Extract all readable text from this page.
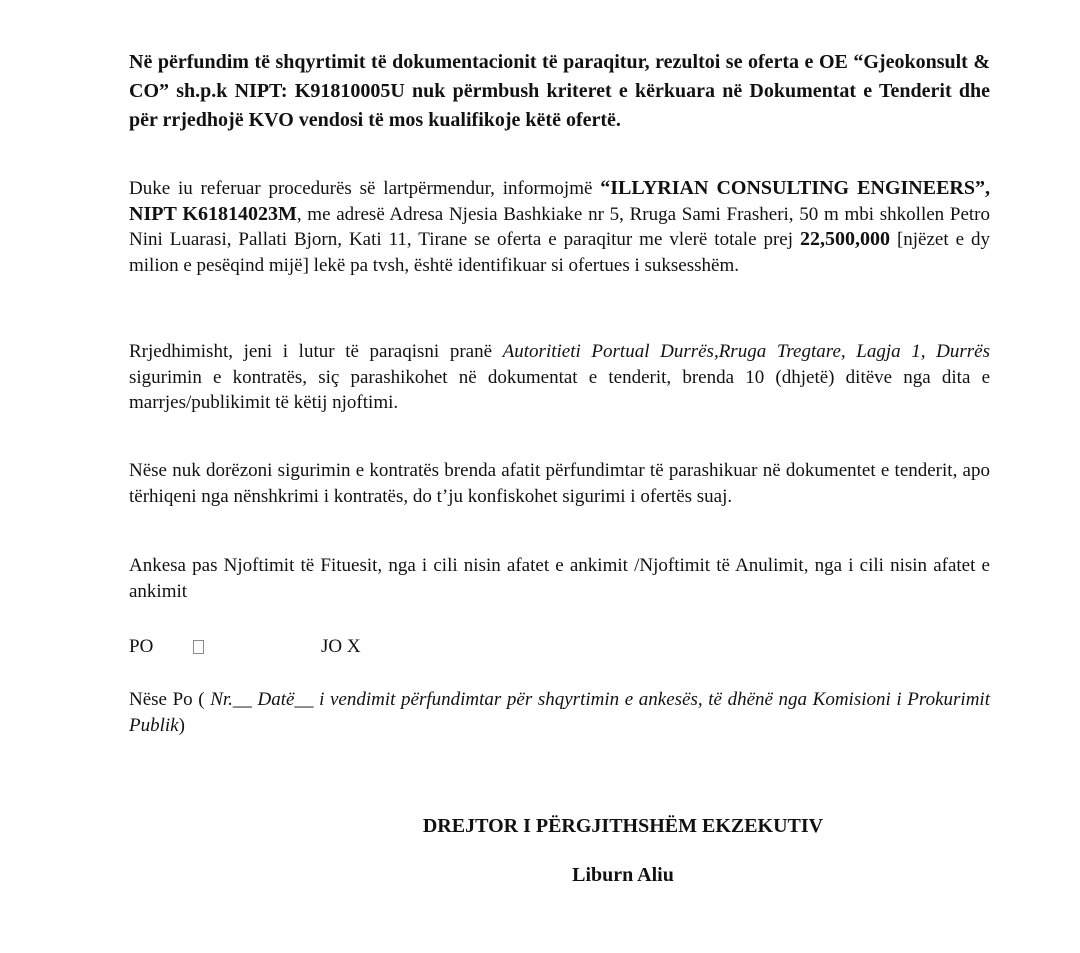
Në përfundim të shqyrtimit të dokumentacionit të paraqitur, rezultoi se oferta e OE “Gjeokonsult & CO” sh.p.k NIPT: K91810005U nuk përmbush kriteret e kërkuara në Dokumentat e Tenderit dhe për rrjedhojë KVO vendosi të mos kualifikoje këtë ofertë.

Duke iu referuar procedurës së lartpërmendur, informojmë “ILLYRIAN CONSULTING ENGINEERS”, NIPT K61814023M, me adresë Adresa Njesia Bashkiake nr 5, Rruga Sami Frasheri, 50 m mbi shkollen Petro Nini Luarasi, Pallati Bjorn, Kati 11, Tirane se oferta e paraqitur me vlerë totale prej 22,500,000 [njëzet e dy milion e pesëqind mijë] lekë pa tvsh, është identifikuar si ofertues i suksesshëm.

Rrjedhimisht, jeni i lutur të paraqisni pranë Autoritieti Portual Durrës,Rruga Tregtare, Lagja 1, Durrës sigurimin e kontratës, siç parashikohet në dokumentat e tenderit, brenda 10 (dhjetë) ditëve nga dita e marrjes/publikimit të këtij njoftimi.

Nëse nuk dorëzoni sigurimin e kontratës brenda afatit përfundimtar të parashikuar në dokumentet e tenderit, apo tërhiqeni nga nënshkrimi i kontratës, do t’ju konfiskohet sigurimi i ofertës suaj.

Ankesa pas Njoftimit të Fituesit, nga i cili nisin afatet e ankimit /Njoftimit të Anulimit, nga i cili nisin afatet e ankimit

PO	JO X

Nëse Po ( Nr.__ Datë__ i vendimit përfundimtar për shqyrtimin e ankesës, të dhënë nga Komisioni i Prokurimit Publik)

DREJTOR I PËRGJITHSHËM EKZEKUTIV
Liburn Aliu
